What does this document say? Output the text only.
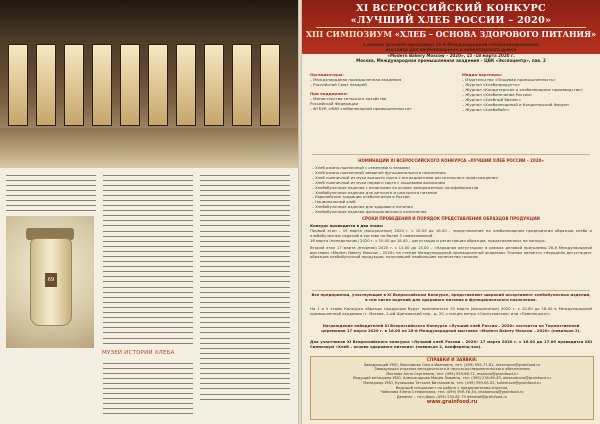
69
МУЗЕЙ ИСТОРИИ ХЛЕБА
XI ВСЕРОССИЙСКИЙ КОНКУРС
«ЛУЧШИЙ ХЛЕБ РОССИИ – 2020»
XIII СИМПОЗИУМ «ХЛЕБ – ОСНОВА ЗДОРОВОГО ПИТАНИЯ»
в рамках деловой программы 26-й Международной специализированной
выставки для хлебопекарного и кондитерского рынка
«Modern Bakery Moscow – 2020», 15 -18 марта 2020 г.
Москва, Международная промышленная академия – ЦВК «Экспоцентр», пав. 2
Организаторы:
– Международная промышленная академия
– Российский Союз пекарей
При поддержке:
– Министерства сельского хозяйства
Российской Федерации
– ФГБУК «НИИ хлебопекарной промышленности»
Медиа-партнеры:
– Издательство «Пищевая промышленность»
– Журнал «Хлебопродукты»
– Журнал «Кондитерское и хлебопекарное производство»
– Журнал «Хлебопечение России»
– Журнал «Хлебный бизнес»
– Журнал «Хлебопекарный и Кондитерский Форум»
– Журнал «Хлебобайт»
НОМИНАЦИИ XI ВСЕРОССИЙСКОГО КОНКУРСА «ЛУЧШИЙ ХЛЕБ РОССИИ – 2020»
– Хлеб ржано-пшеничный с семенами и злаками
– Хлеб ржано-пшеничный заварной функционального назначения
– Хлеб пшеничный из муки высшего сорта с ингредиентами растительного происхождения
– Хлеб пшеничный из муки первого сорта с пищевыми волокнами
– Хлебобулочные изделия с начинками на основе замороженных полуфабрикатов
– Хлебобулочные изделия для детского и школьного питания
– Европейские традиции хлебопечения в России
– Национальный хлеб
– Хлебобулочные изделия для здорового питания
– Хлебобулочные изделия функционального назначения
СРОКИ ПРОВЕДЕНИЯ И ПОРЯДОК ПРЕДСТАВЛЕНИЯ ОБРАЗЦОВ ПРОДУКЦИИ
Конкурс проводится в два этапа:
Первый этап – 15 марта (воскресенье) 2020 г. с 10.00 до 18.00 – представление на хлебопекарном предприятии образцов хлеба и хлебобулочных изделий в составе не более 3 наименований.
16 марта (понедельник) 2020 г. с 10.00 до 18.00 – дегустация и регистрация образцов, представленных на конкурс.
Второй этап 17 марта (вторник) 2020 г. с 12.00 до 15.00 – «Народная дегустация» в рамках деловой программы 26-й Международной выставки «Modern Bakery Moscow – 2020» на стенде Международной промышленной академии. Этапом является «Народная дегустация» образцов хлебобулочной продукции, получившей наибольшее количество голосов.
Все предприятия, участвующие в XI Всероссийском Конкурсе, представляют широкий ассортимент хлебобулочных изделий, в том числе изделий для здорового питания и функционального назначения.
На 1 и II этапы Конкурса образцы продукции будут приниматься 15 марта (воскресенье) 2020 г. с 10.00 до 18.00 в Международной промышленной академии (г. Москва, 1-ый Щипковский пер., д. 20, станция метро «Серпуховская» или «Павелецкая»).
Награждение победителей XI Всероссийского Конкурса «Лучший хлеб России – 2020» состоится на Торжественной церемонии 17 марта 2020 г. в 16.00 на 26-й Международной выставке «Modern Bakery Moscow – 2020» (павильон 2).
Для участников XI Всероссийского конкурса «Лучший хлеб России – 2020» 17 марта 2020 г. с 16.00 до 17.00 проводится XIII Симпозиум «Хлеб – основа здорового питания» (павильон 2, конференц-зал).
СПРАВКИ И ЗАЯВКИ:
Заведующий УМО, Максимова Ольга Ивановна, тел. (499) 959-77-81, maximova@grainfood.ru
Заведующая отделом методического и научно-исследовательского обеспечения
Маслова Анна Сергеевна, тел. (499) 959-66-72, maslova@grainfood.ru
Ведущий менеджер УМО, Александрова Мария Львовна, тел. (499) 235-69-43, alexandrova@grainfood.ru
Менеджер УМО, Кулешова Татьяна Витальевна, тел. (499) 959-65-02, kuleshova@grainfood.ru
Ведущий специалист по работе с предприятиями отрасли,
Чабанова Елена Стефановна, тел. (499) 959-56-34, chabanova@grainfood.ru
Деканат – тел./факс (495) 235-82-79 dekanat@grainfood.ru
www.grainfood.ru
